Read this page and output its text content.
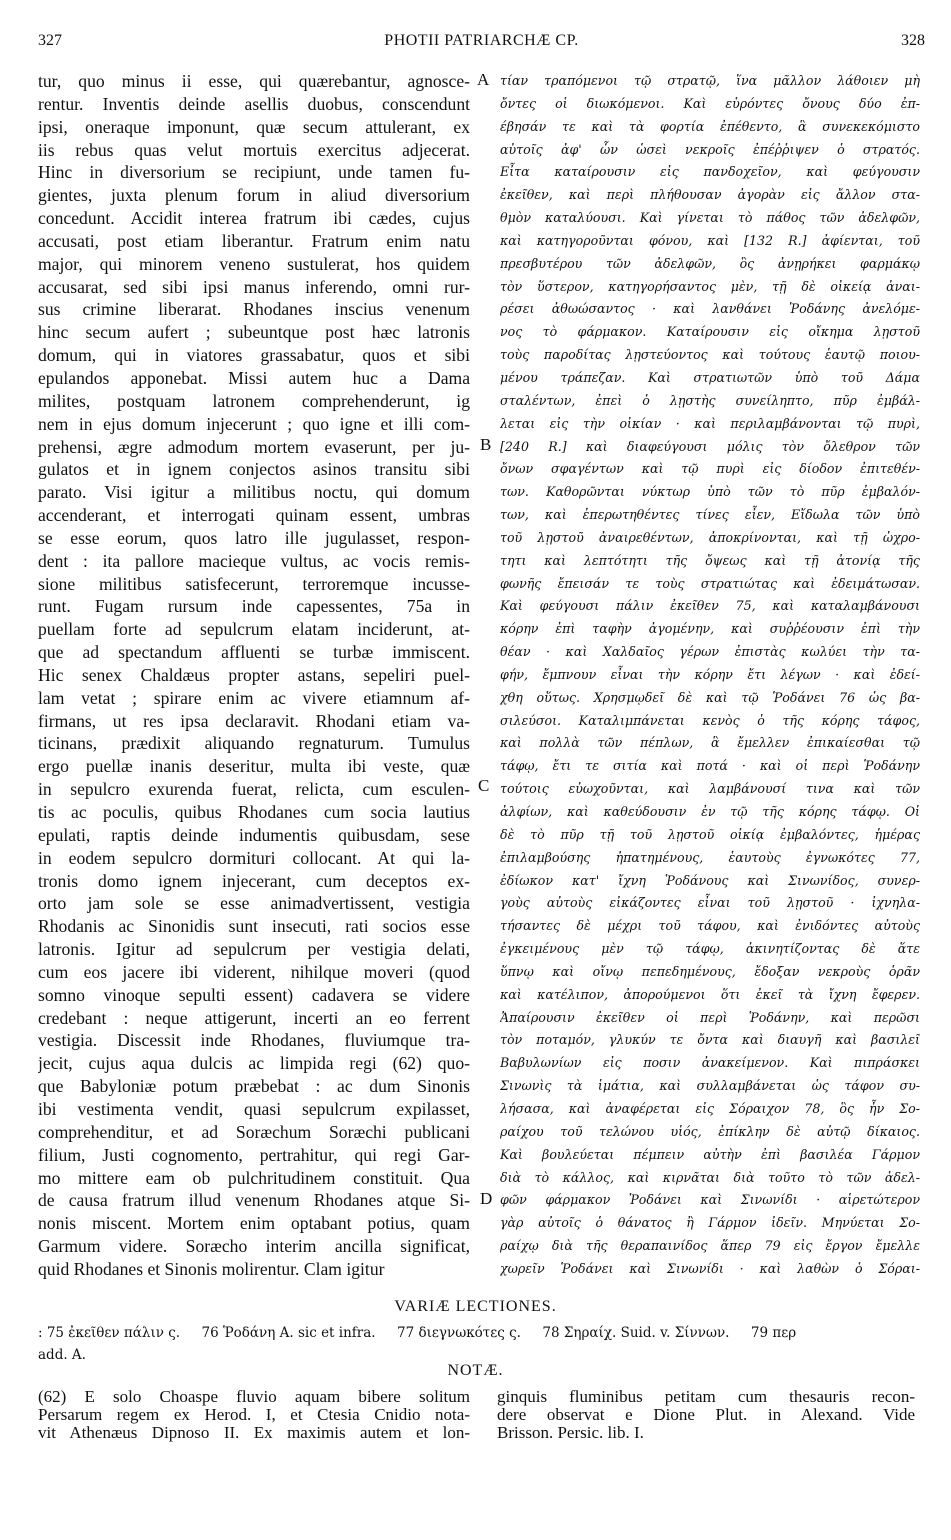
327	PHOTII PATRIARCHÆ CP.	328
tur, quo minus ii esse, qui quærebantur, agnosce-
rentur. Inventis deinde asellis duobus, conscendunt
ipsi, oneraque imponunt, quæ secum attulerant, ex
iis rebus quas velut mortuis exercitus adjecerat.
Hinc in diversorium se recipiunt, unde tamen fu-
gientes, juxta plenum forum in aliud diversorium
concedunt. Accidit interea fratrum ibi cædes, cujus
accusati, post etiam liberantur. Fratrum enim natu
major, qui minorem veneno sustulerat, hos quidem
accusarat, sed sibi ipsi manus inferendo, omni rur-
sus crimine liberarat. Rhodanes inscius venenum
hinc secum aufert ; subeuntque post hæc latronis
domum, qui in viatores grassabatur, quos et sibi
epulandos apponebat. Missi autem huc a Dama
milites, postquam latronem comprehenderunt, ig
nem in ejus domum injecerunt ; quo igne et illi com-
prehensi, ægre admodum mortem evaserunt, per ju-
gulatos et in ignem conjectos asinos transitu sibi
parato. Visi igitur a militibus noctu, qui domum
accenderant, et interrogati quinam essent, umbras
se esse eorum, quos latro ille jugulasset, respon-
dent : ita pallore macieque vultus, ac vocis remis-
sione militibus satisfecerunt, terroremque incusse-
runt. Fugam rursum inde capessentes, 75a in
puellam forte ad sepulcrum elatam inciderunt, at-
que ad spectandum affluenti se turbæ immiscent.
Hic senex Chaldæus propter astans, sepeliri puel-
lam vetat ; spirare enim ac vivere etiamnum af-
firmans, ut res ipsa declaravit. Rhodani etiam va-
ticinans, prædixit aliquando regnaturum. Tumulus
ergo puellæ inanis deseritur, multa ibi veste, quæ
in sepulcro exurenda fuerat, relicta, cum esculen-
tis ac poculis, quibus Rhodanes cum socia lautius
epulati, raptis deinde indumentis quibusdam, sese
in eodem sepulcro dormituri collocant. At qui la-
tronis domo ignem injecerant, cum deceptos ex-
orto jam sole se esse animadvertissent, vestigia
Rhodanis ac Sinonidis sunt insecuti, rati socios esse
latronis. Igitur ad sepulcrum per vestigia delati,
cum eos jacere ibi viderent, nihilque moveri (quod
somno vinoque sepulti essent) cadavera se videre
credebant : neque attigerunt, incerti an eo ferrent
vestigia. Discessit inde Rhodanes, fluviumque tra-
jecit, cujus aqua dulcis ac limpida regi (62) quo-
que Babyloniæ potum præbebat : ac dum Sinonis
ibi vestimenta vendit, quasi sepulcrum expilasset,
comprehenditur, et ad Soræchum Soræchi publicani
filium, Justi cognomento, pertrahitur, qui regi Gar-
mo mittere eam ob pulchritudinem constituit. Qua
de causa fratrum illud venenum Rhodanes atque Si-
nonis miscent. Mortem enim optabant potius, quam
Garmum videre. Soræcho interim ancilla significat,
quid Rhodanes et Sinonis molirentur. Clam igitur
τίαν τραπόμενοι τῷ στρατῷ, ἵνα μᾶλλον λάθοιεν μὴ
ὄντες οἱ διωκόμενοι. Καὶ εὑρόντες ὄνους δύο ἐπ-
έβησάν τε καὶ τὰ φορτία ἐπέθεντο, ἃ συνεκεκόμιστο
αὐτοῖς ἀφ' ὧν ὡσεὶ νεκροῖς ἐπέῤῥιψεν ὁ στρατός.
Εἶτα καταίρουσιν εἰς πανδοχεῖον, καὶ φεύγουσιν
ἐκεῖθεν, καὶ περὶ πλήθουσαν ἀγορὰν εἰς ἄλλον στα-
θμὸν καταλύουσι. Καὶ γίνεται τὸ πάθος τῶν ἀδελφῶν,
καὶ κατηγοροῦνται φόνου, καὶ [132 R.] ἀφίενται, τοῦ
πρεσβυτέρου τῶν ἀδελφῶν, ὃς ἀνῃρήκει φαρμάκῳ
τὸν ὕστερον, κατηγορήσαντος μὲν, τῇ δὲ οἰκείᾳ ἀναι-
ρέσει ἀθωώσαντος · καὶ λανθάνει Ῥοδάνης ἀνελόμε-
νος τὸ φάρμακον. Καταίρουσιν εἰς οἴκημα λῃστοῦ
τοὺς παροδίτας λῃστεύοντος καὶ τούτους ἑαυτῷ ποιου-
μένου τράπεζαν. Καὶ στρατιωτῶν ὑπὸ τοῦ Δάμα
σταλέντων, ἐπεὶ ὁ λῃστὴς συνείληπτο, πῦρ ἐμβάλ-
λεται εἰς τὴν οἰκίαν · καὶ περιλαμβάνονται τῷ πυρὶ,
[240 R.] καὶ διαφεύγουσι μόλις τὸν ὄλεθρον τῶν
ὄνων σφαγέντων καὶ τῷ πυρὶ εἰς δίοδον ἐπιτεθέν-
των. Καθορῶνται νύκτωρ ὑπὸ τῶν τὸ πῦρ ἐμβαλόν-
των, καὶ ἐπερωτηθέντες τίνες εἶεν, Εἴδωλα τῶν ὑπὸ
τοῦ λῃστοῦ ἀναιρεθέντων, ἀποκρίνονται, καὶ τῇ ὠχρο-
τητι καὶ λεπτότητι τῆς ὄψεως καὶ τῇ ἀτονίᾳ τῆς
φωνῆς ἔπεισάν τε τοὺς στρατιώτας καὶ ἐδειμάτωσαν.
Καὶ φεύγουσι πάλιν ἐκεῖθεν 75, καὶ καταλαμβάνουσι
κόρην ἐπὶ ταφὴν ἀγομένην, καὶ συῤῥέουσιν ἐπὶ τὴν
θέαν · καὶ Χαλδαῖος γέρων ἐπιστὰς κωλύει τὴν τα-
φήν, ἔμπνουν εἶναι τὴν κόρην ἔτι λέγων · καὶ ἐδεί-
χθη οὕτως. Χρησμῳδεῖ δὲ καὶ τῷ Ῥοδάνει 76 ὡς βα-
σιλεύσοι. Καταλιμπάνεται κενὸς ὁ τῆς κόρης τάφος,
καὶ πολλὰ τῶν πέπλων, ἃ ἔμελλεν ἐπικαίεσθαι τῷ
τάφῳ, ἔτι τε σιτία καὶ ποτά · καὶ οἱ περὶ Ῥοδάνην
τούτοις εὐωχοῦνται, καὶ λαμβάνουσί τινα καὶ τῶν
ἀλφίων, καὶ καθεύδουσιν ἐν τῷ τῆς κόρης τάφῳ. Οἱ
δὲ τὸ πῦρ τῇ τοῦ λῃστοῦ οἰκίᾳ ἐμβαλόντες, ἡμέρας
ἐπιλαμβούσης ἠπατημένους, ἑαυτοὺς ἐγνωκότες 77,
ἐδίωκον κατ' ἴχνη Ῥοδάνους καὶ Σινωνίδος, συνερ-
γοὺς αὐτοὺς εἰκάζοντες εἶναι τοῦ λῃστοῦ · ἰχνηλα-
τήσαντες δὲ μέχρι τοῦ τάφου, καὶ ἐνιδόντες αὐτοὺς
ἐγκειμένους μὲν τῷ τάφῳ, ἀκινητίζοντας δὲ ἅτε
ὕπνῳ καὶ οἴνῳ πεπεδημένους, ἔδοξαν νεκροὺς ὁρᾶν
καὶ κατέλιπον, ἀπορούμενοι ὅτι ἐκεῖ τὰ ἴχνη ἔφερεν.
Ἀπαίρουσιν ἐκεῖθεν οἱ περὶ Ῥοδάνην, καὶ περῶσι
τὸν ποταμόν, γλυκύν τε ὄντα καὶ διαυγῆ καὶ βασιλεῖ
Βαβυλωνίων εἰς ποσιν ἀνακείμενον. Καὶ πιπράσκει
Σινωνὶς τὰ ἱμάτια, καὶ συλλαμβάνεται ὡς τάφον συ-
λήσασα, καὶ ἀναφέρεται εἰς Σόραιχον 78, ὃς ἦν Σο-
ραίχου τοῦ τελώνου υἱός, ἐπίκλην δὲ αὐτῷ δίκαιος.
Καὶ βουλεύεται πέμπειν αὐτὴν ἐπὶ βασιλέα Γάρμον
διὰ τὸ κάλλος, καὶ κιρνᾶται διὰ τοῦτο τὸ τῶν ἀδελ-
φῶν φάρμακον Ῥοδάνει καὶ Σινωνίδι · αἱρετώτερον
γὰρ αὐτοῖς ὁ θάνατος ἢ Γάρμον ἰδεῖν. Μηνύεται Σο-
ραίχῳ διὰ τῆς θεραπαινίδος ἅπερ 79 εἰς ἔργον ἔμελλε
χωρεῖν Ῥοδάνει καὶ Σινωνίδι · καὶ λαθὼν ὁ Σόραι-
A
B
C
D
VARIÆ LECTIONES.
: 75 ἐκεῖθεν πάλιν ς.     76 Ῥοδάνη A. sic et infra.     77 διεγνωκότες ς.     78 Σηραίχ. Suid. v. Σίννων.     79 περ
add. A.
NOTÆ.
(62) E solo Choaspe fluvio aquam bibere solitum
Persarum regem ex Herod. I, et Ctesia Cnidio nota-
vit Athenæus Dipnoso II. Ex maximis autem et lon-
ginquis fluminibus petitam cum thesauris recon-
dere observat e Dione Plut. in Alexand. Vide
Brisson. Persic. lib. I.
